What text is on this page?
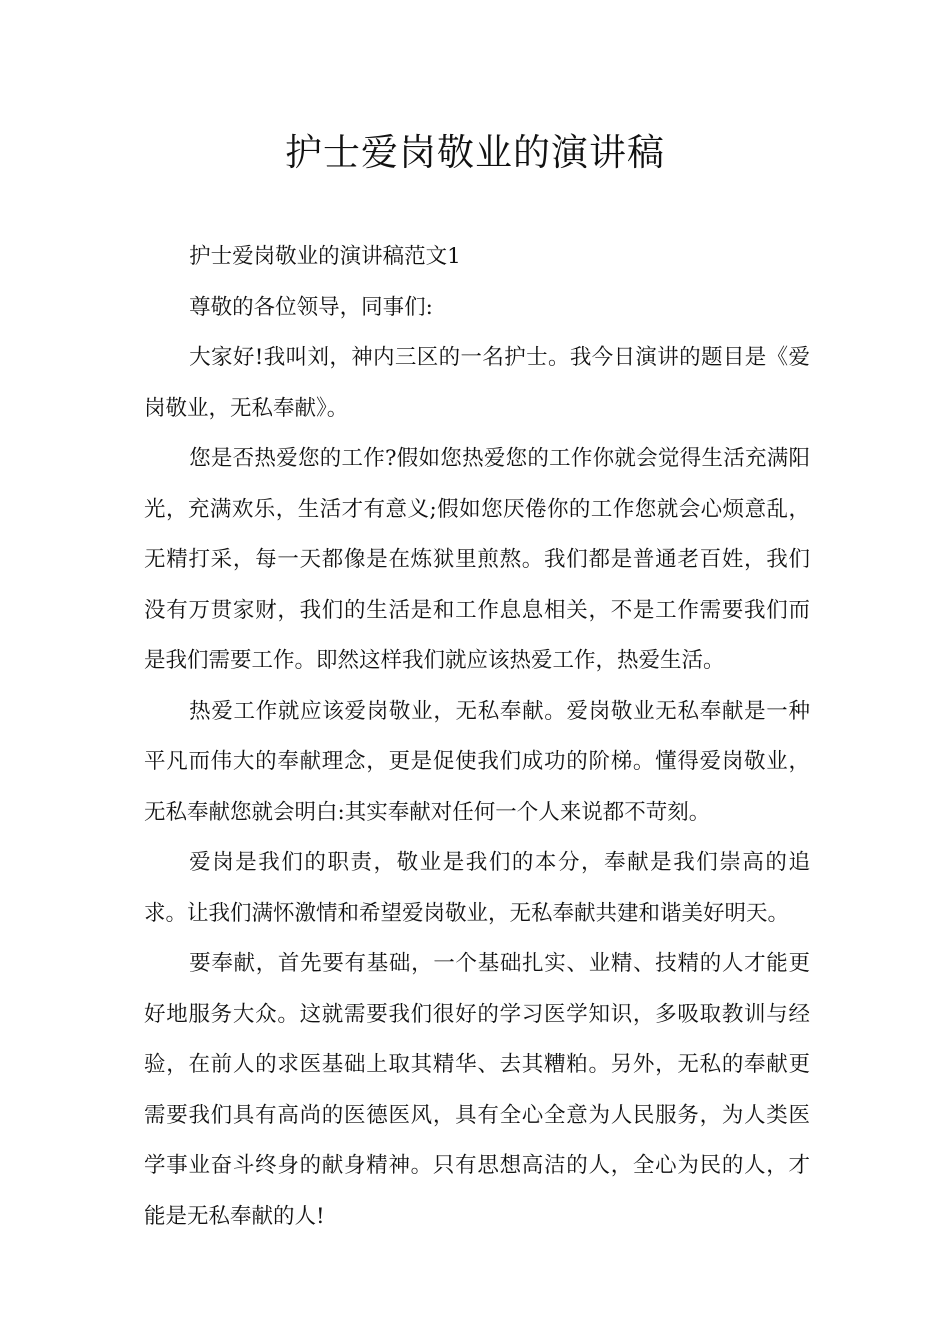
护士爱岗敬业的演讲稿

护士爱岗敬业的演讲稿范文1

尊敬的各位领导，同事们:

大家好!我叫刘，神内三区的一名护士。我今日演讲的题目是《爱岗敬业，无私奉献》。

您是否热爱您的工作?假如您热爱您的工作你就会觉得生活充满阳光，充满欢乐，生活才有意义;假如您厌倦你的工作您就会心烦意乱，无精打采，每一天都像是在炼狱里煎熬。我们都是普通老百姓，我们没有万贯家财，我们的生活是和工作息息相关，不是工作需要我们而是我们需要工作。即然这样我们就应该热爱工作，热爱生活。

热爱工作就应该爱岗敬业，无私奉献。爱岗敬业无私奉献是一种平凡而伟大的奉献理念，更是促使我们成功的阶梯。懂得爱岗敬业，无私奉献您就会明白:其实奉献对任何一个人来说都不苛刻。

爱岗是我们的职责，敬业是我们的本分，奉献是我们崇高的追求。让我们满怀激情和希望爱岗敬业，无私奉献共建和谐美好明天。

要奉献，首先要有基础，一个基础扎实、业精、技精的人才能更好地服务大众。这就需要我们很好的学习医学知识，多吸取教训与经验，在前人的求医基础上取其精华、去其糟粕。另外，无私的奉献更需要我们具有高尚的医德医风，具有全心全意为人民服务，为人类医学事业奋斗终身的献身精神。只有思想高洁的人，全心为民的人，才能是无私奉献的人!
